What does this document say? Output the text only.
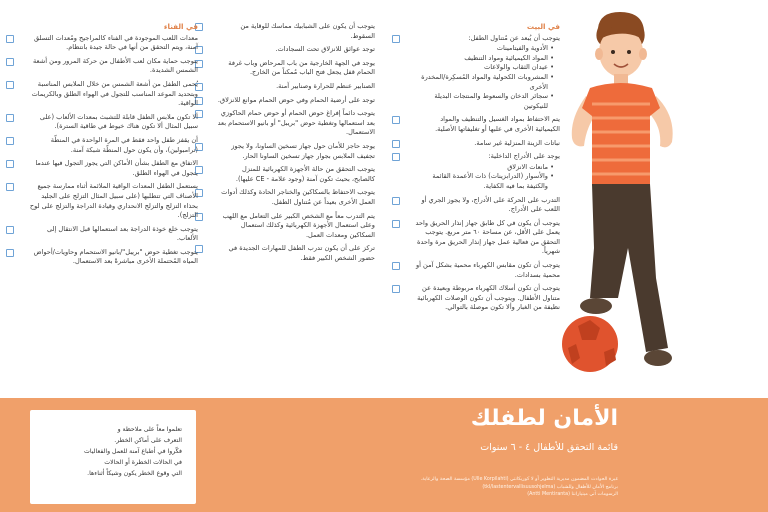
في البيت
يتوجب أن يُبعد عن مُتناول الطفل:
• الأدوية والفيتامينات
• المواد الكيميائية ومواد التنظيف
• عيدان الثقاب والولاعات
• المشروبات الكحولية والمواد المُسكِرة/المخدرة الأخرى
• سجائر الدخان والسعوط والمنتجات البديلة للنيكوتين
يتم الاحتفاظ بمواد الغسيل والتنظيف والمواد الكيميائية الأخرى في علبها أو تغليفاتها الأصلية.
نباتات الزينة المنزلية غير سامة.
يوجد على الأدراج الداخلية:
• مانعات الانزلاق
• والأسوار (الدرابزينات) ذات الأعمدة القائمة والكثيفة بما فيه الكفاية.
التدرب على الحركة على الأدراج، ولا يجوز الجري أو اللعب على الأدراج.
يتوجب أن يكون في كل طابق جهاز إنذار الحريق واحد يعمل على الأقل، عن مساحة ٦٠ متر مربع. يتوجب التحقق من فعالية عمل جهاز إنذار الحريق مرة واحدة شهرياً.
يتوجب أن تكون مقابس الكهرباء محمية بشكل آمن أو محمية بسدادات.
يتوجب أن تكون أسلاك الكهرباء مربوطة وبعيدة عن متناول الأطفال. ويتوجب أن تكون الوصلات الكهربائية نظيفة من الغبار وألا تكون موصلة بالتوالي.
يتوجب أن يكون على الشبابيك مماسك للوقاية من السقوط.
توجد عوائق للانزلاق تحت السجادات.
يوجد في الجهة الخارجية من باب المرحاض وباب غرفة الحمام قفل يجعل فتح الباب مُمكناً من الخارج.
الصنابير عنظم للحرارة وصنابير آمنة.
توجد على أرضية الحمام وفي حوض الحمام موانع للانزلاق.
يتوجب دائماً إفراغ حوض الحمام أو حوض حمام الحاكوزي بعد استعمالها وتغطية حوض "بريبل" أو بانيو الاستحمام بعد الاستعمال.
يوجد حاجز للأمان حول جهاز تسخين الساونا، ولا يجوز تجفيف الملابس بجوار جهاز تسخين الساونا الحار.
يتوجب التحقق من حالة الأجهزة الكهربائية للمنزل كالصابح، بحيث تكون آمنة (وجود علامة - CE عليها).
يتوجب الاحتفاظ بالسكاكين والخناجر الحادة وكذلك أدوات العمل الأخرى بعيداً عن مُتناول الطفل.
يتم التدرب معاً مع الشخص الكبير على التعامل مع اللهب وعلى استعمال الأجهزة الكهربائية وكذلك استعمال السكاكين ومعدات العمل.
تركز على أن يكون تدرب الطفل للمهارات الجديدة في حضور الشخص الكبير فقط.
في الفناء
معدات اللعب الموجودة في الفناء كالمراجيح ومُعدات التسلق آمنة، ويتم التحقق من أنها في حالة جيدة بانتظام.
يتوجب حماية مكان لعب الأطفال من حركة المرور ومن أشعة الشمس الشديدة.
يُحمى الطفل من أشعة الشمس من خلال الملابس المناسبة وبتحديد الموعد المناسب للتجول في الهواء الطلق وبالكريمات الواقية.
ألا تكون ملابس الطفل قابلة للتشبث بمعدات الألعاب (على سبيل المثال ألا تكون هناك خيوط في طاقية السترة).
أن يقفز طفل واحد فقط في المرة الواحدة في المنطّة (ترامبولين)، وأن يكون حول المنطّة شبكة آمنة.
الاتفاق مع الطفل بشأن الأماكن التي يجوز التجول فيها عندما يتجول في الهواء الطلق.
يستعمل الطفل المعدات الواقية الملائمة أثناء ممارسة جميع الأصناف التي تتطلبها (على سبيل المثال التزلج على الجليد بحذاء التزلج والتزلج الانحداري وقيادة الدراجة والتزلج على لوح التزلج).
يتوجب خلع خوذة الدراجة بعد استعمالها قبل الانتقال إلى الألعاب.
يتوجب تغطية حوض "بريبل"/بانيو الاستحمام وحاويات/أحواض المياه المُحتملة الأخرى مباشرةً بعد الاستعمال.
الأمان لطفلك
قائمة التحقق للأطفال ٤ - ٦ سنوات
غيرة الحوادث المضمون مديرية التطوير أو لا كوريكانتي (Ulle Korpilahti) مؤسسة الصحة والرعاية.
برنامج الأمان للأطفال وللشباب (tkl/lastentervallisuusohjelma)
الرسومات آتي ميتيارانتا (Antti Mentiranta)
تعلموا معاً على ملاحظة و
التعرف على أماكن الخطر.
فكّروا في أطباع آمنة للعمل والفعاليات
في الحالات الخطرة أو الحالات
التي وقوع الخطر يكون وشيكاً أثناءها.
